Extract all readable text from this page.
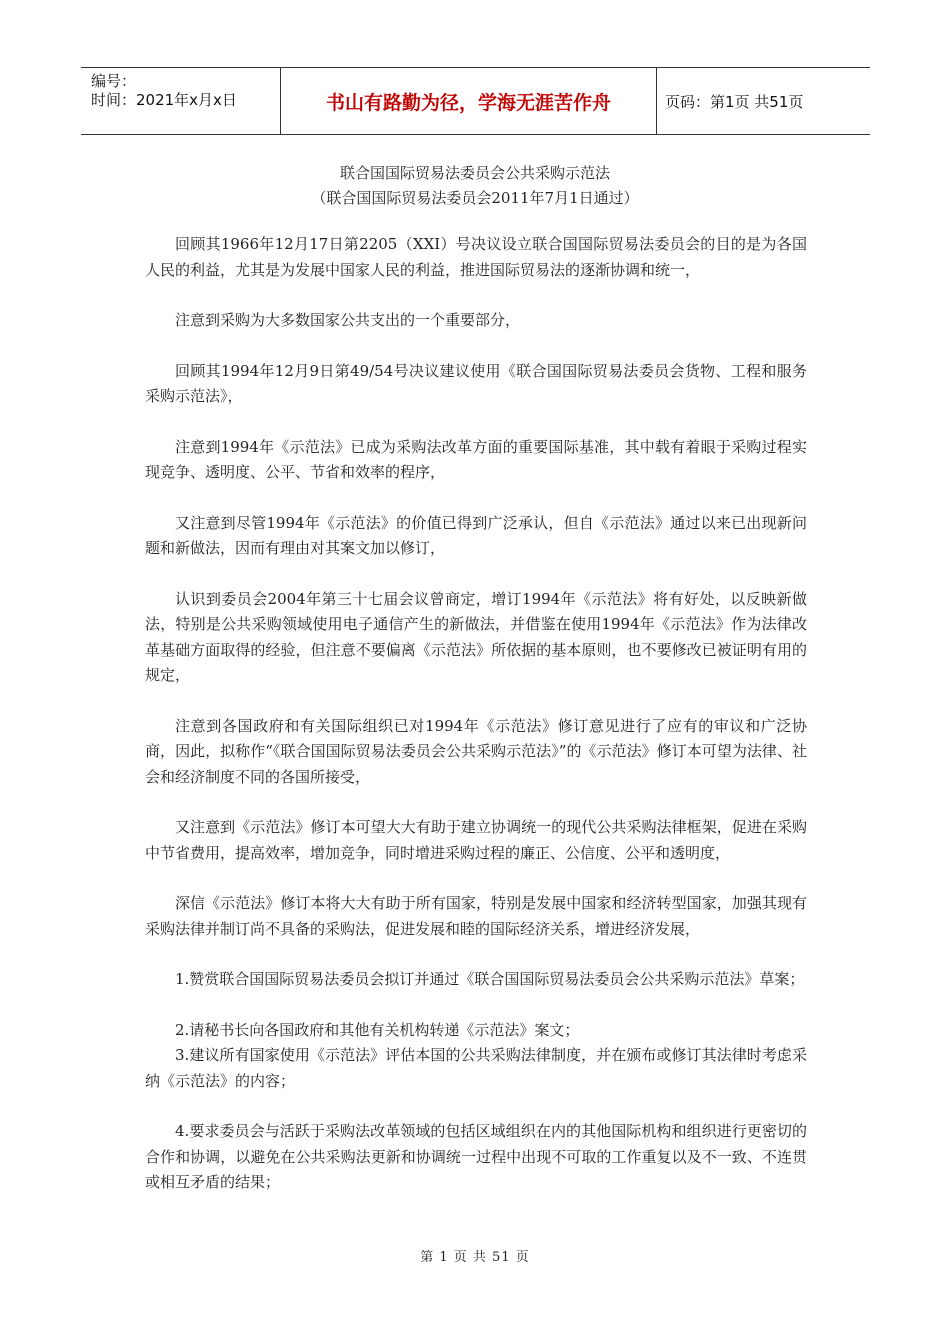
编号：
时间：2021年x月x日	书山有路勤为径，学海无涯苦作舟	页码：第1页 共51页
联合国国际贸易法委员会公共采购示范法
（联合国国际贸易法委员会2011年7月1日通过）

回顾其1966年12月17日第2205（XXI）号决议设立联合国国际贸易法委员会的目的是为各国人民的利益，尤其是为发展中国家人民的利益，推进国际贸易法的逐渐协调和统一，

注意到采购为大多数国家公共支出的一个重要部分，

回顾其1994年12月9日第49/54号决议建议使用《联合国国际贸易法委员会货物、工程和服务采购示范法》，

注意到1994年《示范法》已成为采购法改革方面的重要国际基准，其中载有着眼于采购过程实现竞争、透明度、公平、节省和效率的程序，

又注意到尽管1994年《示范法》的价值已得到广泛承认，但自《示范法》通过以来已出现新问题和新做法，因而有理由对其案文加以修订，

认识到委员会2004年第三十七届会议曾商定，增订1994年《示范法》将有好处，以反映新做法，特别是公共采购领域使用电子通信产生的新做法，并借鉴在使用1994年《示范法》作为法律改革基础方面取得的经验，但注意不要偏离《示范法》所依据的基本原则，也不要修改已被证明有用的规定，

注意到各国政府和有关国际组织已对1994年《示范法》修订意见进行了应有的审议和广泛协商，因此，拟称作“《联合国国际贸易法委员会公共采购示范法》”的《示范法》修订本可望为法律、社会和经济制度不同的各国所接受，

又注意到《示范法》修订本可望大大有助于建立协调统一的现代公共采购法律框架，促进在采购中节省费用，提高效率，增加竞争，同时增进采购过程的廉正、公信度、公平和透明度，

深信《示范法》修订本将大大有助于所有国家，特别是发展中国家和经济转型国家，加强其现有采购法律并制订尚不具备的采购法，促进发展和睦的国际经济关系，增进经济发展，

1.赞赏联合国国际贸易法委员会拟订并通过《联合国国际贸易法委员会公共采购示范法》草案；

2.请秘书长向各国政府和其他有关机构转递《示范法》案文；

3.建议所有国家使用《示范法》评估本国的公共采购法律制度，并在颁布或修订其法律时考虑采纳《示范法》的内容；

4.要求委员会与活跃于采购法改革领域的包括区域组织在内的其他国际机构和组织进行更密切的合作和协调，以避免在公共采购法更新和协调统一过程中出现不可取的工作重复以及不一致、不连贯或相互矛盾的结果；

第 1 页 共 51 页
